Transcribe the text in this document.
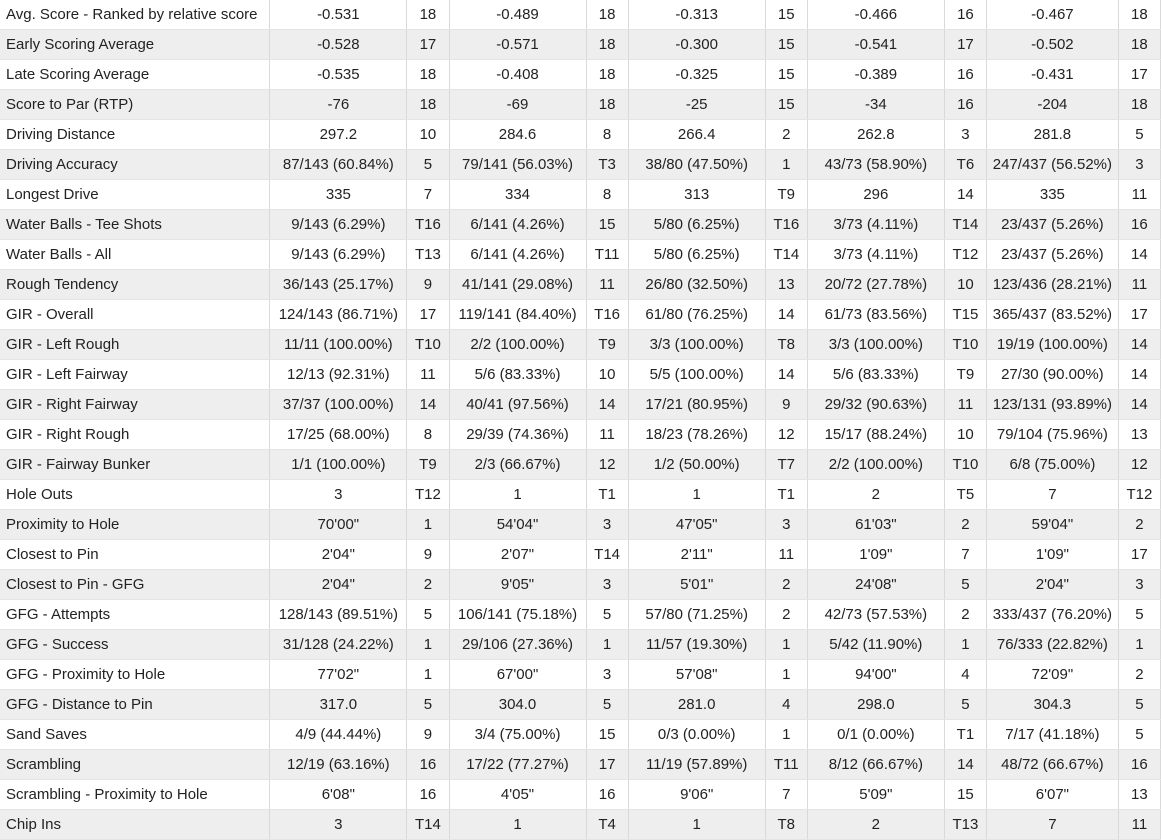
Avg. Score - Ranked by relative score	-0.531	18	-0.489	18	-0.313	15	-0.466	16	-0.467	18
Early Scoring Average	-0.528	17	-0.571	18	-0.300	15	-0.541	17	-0.502	18
Late Scoring Average	-0.535	18	-0.408	18	-0.325	15	-0.389	16	-0.431	17
Score to Par (RTP)	-76	18	-69	18	-25	15	-34	16	-204	18
Driving Distance	297.2	10	284.6	8	266.4	2	262.8	3	281.8	5
Driving Accuracy	87/143 (60.84%)	5	79/141 (56.03%)	T3	38/80 (47.50%)	1	43/73 (58.90%)	T6	247/437 (56.52%)	3
Longest Drive	335	7	334	8	313	T9	296	14	335	11
Water Balls - Tee Shots	9/143 (6.29%)	T16	6/141 (4.26%)	15	5/80 (6.25%)	T16	3/73 (4.11%)	T14	23/437 (5.26%)	16
Water Balls - All	9/143 (6.29%)	T13	6/141 (4.26%)	T11	5/80 (6.25%)	T14	3/73 (4.11%)	T12	23/437 (5.26%)	14
Rough Tendency	36/143 (25.17%)	9	41/141 (29.08%)	11	26/80 (32.50%)	13	20/72 (27.78%)	10	123/436 (28.21%)	11
GIR - Overall	124/143 (86.71%)	17	119/141 (84.40%)	T16	61/80 (76.25%)	14	61/73 (83.56%)	T15	365/437 (83.52%)	17
GIR - Left Rough	11/11 (100.00%)	T10	2/2 (100.00%)	T9	3/3 (100.00%)	T8	3/3 (100.00%)	T10	19/19 (100.00%)	14
GIR - Left Fairway	12/13 (92.31%)	11	5/6 (83.33%)	10	5/5 (100.00%)	14	5/6 (83.33%)	T9	27/30 (90.00%)	14
GIR - Right Fairway	37/37 (100.00%)	14	40/41 (97.56%)	14	17/21 (80.95%)	9	29/32 (90.63%)	11	123/131 (93.89%)	14
GIR - Right Rough	17/25 (68.00%)	8	29/39 (74.36%)	11	18/23 (78.26%)	12	15/17 (88.24%)	10	79/104 (75.96%)	13
GIR - Fairway Bunker	1/1 (100.00%)	T9	2/3 (66.67%)	12	1/2 (50.00%)	T7	2/2 (100.00%)	T10	6/8 (75.00%)	12
Hole Outs	3	T12	1	T1	1	T1	2	T5	7	T12
Proximity to Hole	70'00"	1	54'04"	3	47'05"	3	61'03"	2	59'04"	2
Closest to Pin	2'04"	9	2'07"	T14	2'11"	11	1'09"	7	1'09"	17
Closest to Pin - GFG	2'04"	2	9'05"	3	5'01"	2	24'08"	5	2'04"	3
GFG - Attempts	128/143 (89.51%)	5	106/141 (75.18%)	5	57/80 (71.25%)	2	42/73 (57.53%)	2	333/437 (76.20%)	5
GFG - Success	31/128 (24.22%)	1	29/106 (27.36%)	1	11/57 (19.30%)	1	5/42 (11.90%)	1	76/333 (22.82%)	1
GFG - Proximity to Hole	77'02"	1	67'00"	3	57'08"	1	94'00"	4	72'09"	2
GFG - Distance to Pin	317.0	5	304.0	5	281.0	4	298.0	5	304.3	5
Sand Saves	4/9 (44.44%)	9	3/4 (75.00%)	15	0/3 (0.00%)	1	0/1 (0.00%)	T1	7/17 (41.18%)	5
Scrambling	12/19 (63.16%)	16	17/22 (77.27%)	17	11/19 (57.89%)	T11	8/12 (66.67%)	14	48/72 (66.67%)	16
Scrambling - Proximity to Hole	6'08"	16	4'05"	16	9'06"	7	5'09"	15	6'07"	13
Chip Ins	3	T14	1	T4	1	T8	2	T13	7	11
